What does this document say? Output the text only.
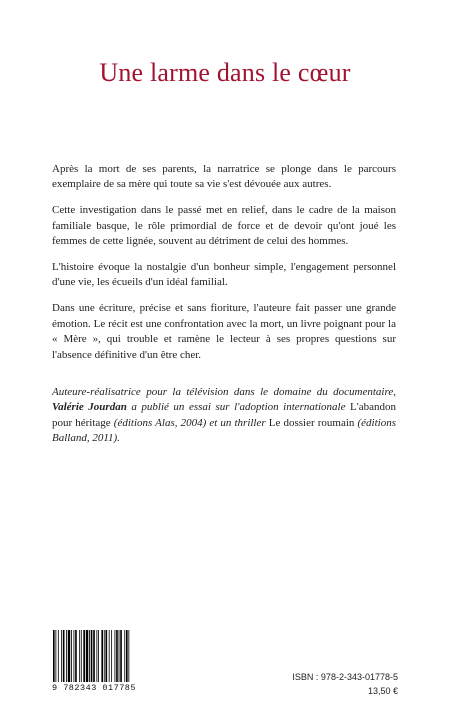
Une larme dans le cœur

Après la mort de ses parents, la narratrice se plonge dans le parcours exemplaire de sa mère qui toute sa vie s'est dévouée aux autres.

Cette investigation dans le passé met en relief, dans le cadre de la maison familiale basque, le rôle primordial de force et de devoir qu'ont joué les femmes de cette lignée, souvent au détriment de celui des hommes.

L'histoire évoque la nostalgie d'un bonheur simple, l'engagement personnel d'une vie, les écueils d'un idéal familial.

Dans une écriture, précise et sans fioriture, l'auteure fait passer une grande émotion. Le récit est une confrontation avec la mort, un livre poignant pour la « Mère », qui trouble et ramène le lecteur à ses propres questions sur l'absence définitive d'un être cher.

Auteure-réalisatrice pour la télévision dans le domaine du documentaire, Valérie Jourdan a publié un essai sur l'adoption internationale L'abandon pour héritage (éditions Alas, 2004) et un thriller Le dossier roumain (éditions Balland, 2011).

9 782343 017785
ISBN : 978-2-343-01778-5
13,50 €
